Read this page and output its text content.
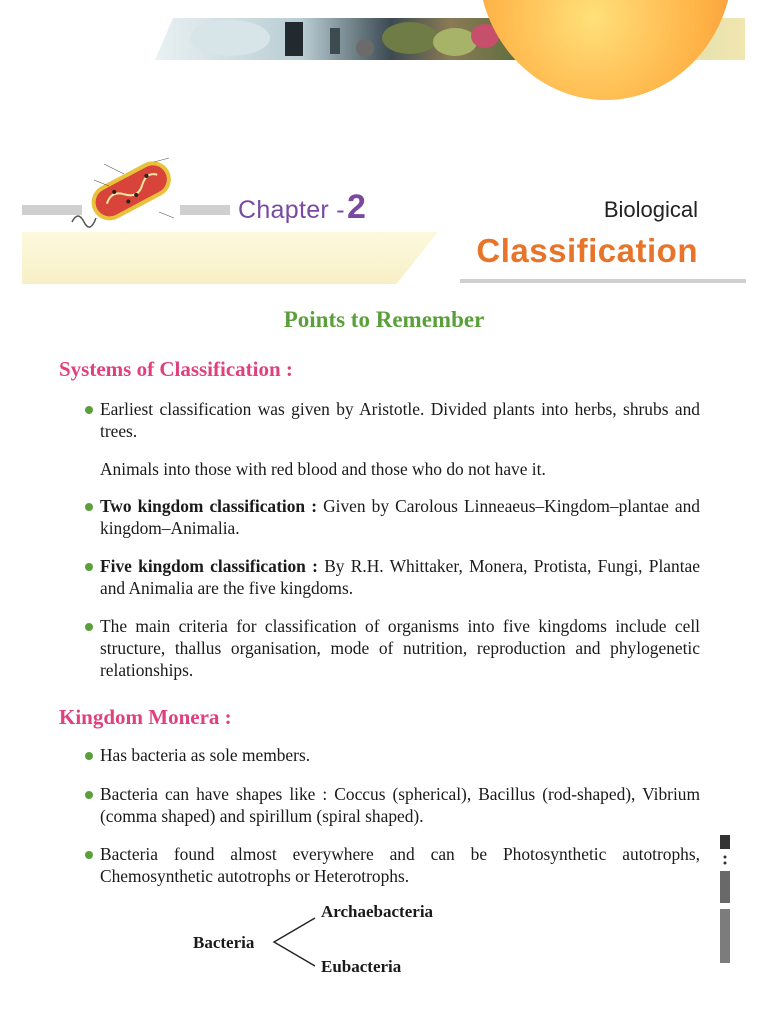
Chapter - 2	Biological
Classification
Points to Remember
Systems of Classification :
Earliest classification was given by Aristotle. Divided plants into herbs, shrubs and trees.
Animals into those with red blood and those who do not have it.
Two kingdom classification : Given by Carolous Linneaeus–Kingdom–plantae and kingdom–Animalia.
Five kingdom classification : By R.H. Whittaker, Monera, Protista, Fungi, Plantae and Animalia are the five kingdoms.
The main criteria for classification of organisms into five kingdoms include cell structure, thallus organisation, mode of nutrition, reproduction and phylogenetic relationships.
Kingdom Monera :
Has bacteria as sole members.
Bacteria can have shapes like : Coccus (spherical), Bacillus (rod-shaped), Vibrium (comma shaped) and spirillum (spiral shaped).
Bacteria found almost everywhere and can be Photosynthetic autotrophs, Chemosynthetic autotrophs or Heterotrophs.
Bacteria
Archaebacteria
Eubacteria
